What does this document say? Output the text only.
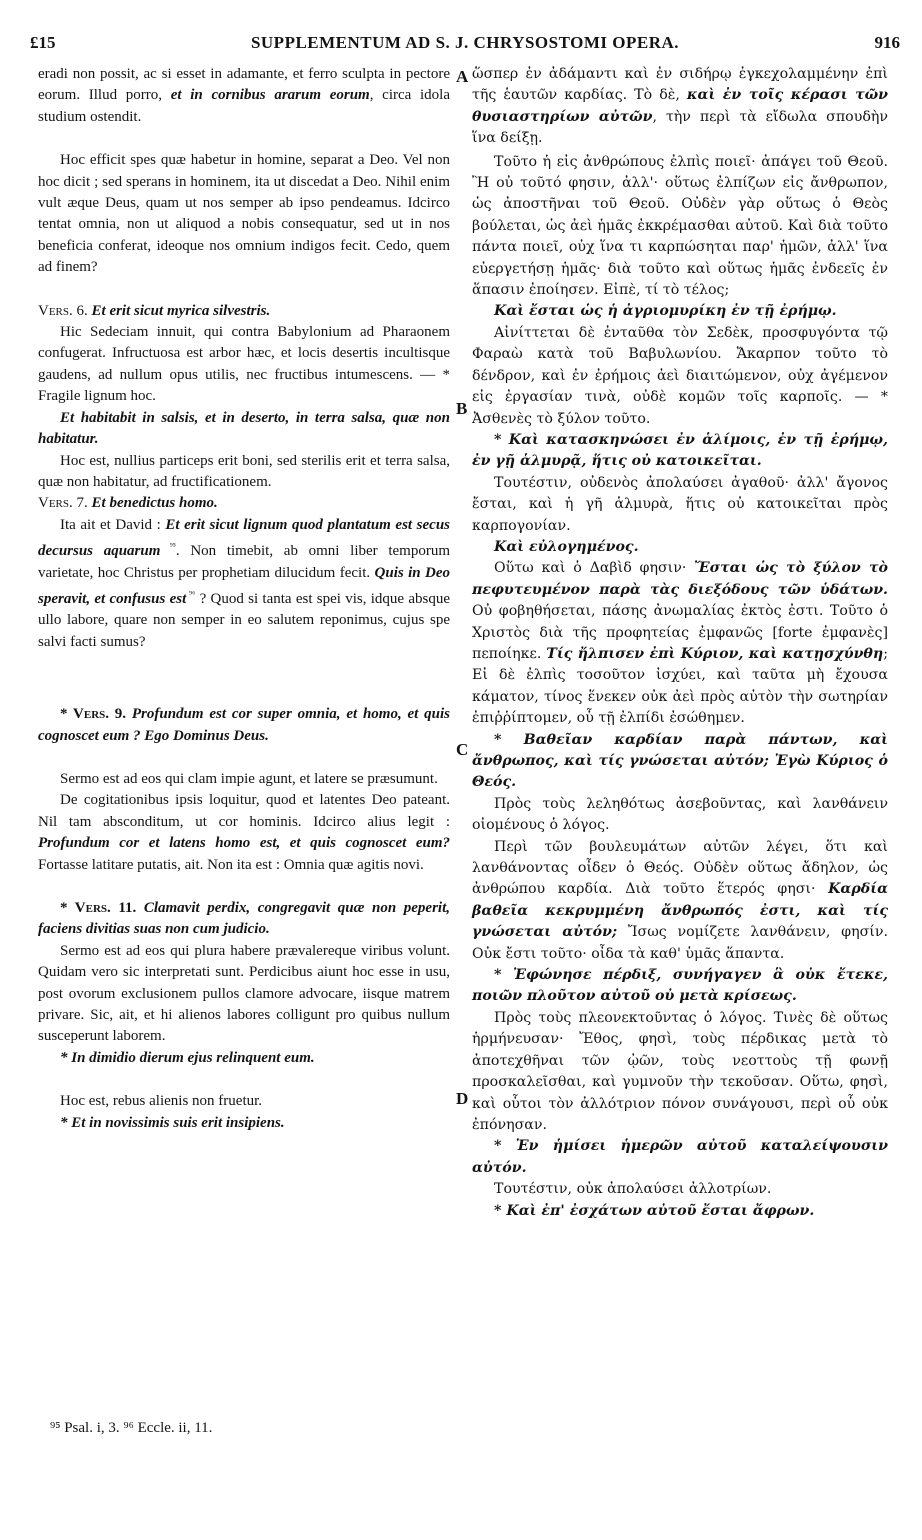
£15	SUPPLEMENTUM AD S. J. CHRYSOSTOMI OPERA.	916

eradi non possit, ac si esset in adamante, et ferro sculpta in pectore eorum. Illud porro, et in cornibus ararum eorum, circa idola studium ostendit.

Hoc efficit spes quæ habetur in homine, separat a Deo. Vel non hoc dicit ; sed sperans in hominem, ita ut discedat a Deo. Nihil enim vult æque Deus, quam ut nos semper ab ipso pendeamus. Idcirco tentat omnia, non ut aliquod a nobis consequatur, sed ut in nos beneficia conferat, ideoque nos omnium indigos fecit. Cedo, quem ad finem?

Vers. 6. Et erit sicut myrica silvestris.

Hic Sedeciam innuit, qui contra Babylonium ad Pharaonem confugerat. Infructuosa est arbor hæc, et locis desertis incultisque gaudens, ad nullum opus utilis, nec fructibus intumescens. — * Fragile lignum hoc.

Et habitabit in salsis, et in deserto, in terra salsa, quæ non habitatur.

Hoc est, nullius particeps erit boni, sed sterilis erit et terra salsa, quæ non habitatur, ad fructificationem.

Vers. 7. Et benedictus homo.

Ita ait et David : Et erit sicut lignum quod plantatum est secus decursus aquarum $^{^{95}}$. Non timebit, ab omni liber temporum varietate, hoc Christus per prophetiam dilucidum fecit. Quis in Deo speravit, et confusus est $^{^{96}}$ ? Quod si tanta est spei vis, idque absque ullo labore, quare non semper in eo salutem reponimus, cujus spe salvi facti sumus?

* Vers. 9. Profundum est cor super omnia, et homo, et quis cognoscet eum ? Ego Dominus Deus.

Sermo est ad eos qui clam impie agunt, et latere se præsumunt.

De cogitationibus ipsis loquitur, quod et latentes Deo pateant. Nil tam absconditum, ut cor hominis. Idcirco alius legit : Profundum cor et latens homo est, et quis cognoscet eum? Fortasse latitare putatis, ait. Non ita est : Omnia quæ agitis novi.

* Vers. 11. Clamavit perdix, congregavit quæ non peperit, faciens divitias suas non cum judicio.

Sermo est ad eos qui plura habere prævalereque viribus volunt. Quidam vero sic interpretati sunt. Perdicibus aiunt hoc esse in usu, post ovorum exclusionem pullos clamore advocare, iisque matrem privare. Sic, ait, et hi alienos labores colligunt pro quibus nullum susceperunt laborem.

* In dimidio dierum ejus relinquent eum.

Hoc est, rebus alienis non fruetur.

* Et in novissimis suis erit insipiens.

ὥσπερ ἐν ἀδάμαντι καὶ ἐν σιδήρῳ ἐγκεχολαμμένην ἐπὶ τῆς ἑαυτῶν καρδίας. Τὸ δὲ, καὶ ἐν τοῖς κέρασι τῶν θυσιαστηρίων αὐτῶν, τὴν περὶ τὰ εἴδωλα σπουδὴν ἵνα δείξῃ.

Τοῦτο ἡ εἰς ἀνθρώπους ἐλπὶς ποιεῖ· ἀπάγει τοῦ Θεοῦ. Ἢ οὐ τοῦτό φησιν, ἀλλ'· οὕτως ἐλπίζων εἰς ἄνθρωπον, ὡς ἀποστῆναι τοῦ Θεοῦ. Οὐδὲν γὰρ οὕτως ὁ Θεὸς βούλεται, ὡς ἀεὶ ἡμᾶς ἐκκρέμασθαι αὐτοῦ. Καὶ διὰ τοῦτο πάντα ποιεῖ, οὐχ ἵνα τι καρπώσηται παρ' ἡμῶν, ἀλλ' ἵνα εὐεργετήσῃ ἡμᾶς· διὰ τοῦτο καὶ οὕτως ἡμᾶς ἐνδεεῖς ἐν ἅπασιν ἐποίησεν. Εἰπὲ, τί τὸ τέλος;

Καὶ ἔσται ὡς ἡ ἀγριομυρίκη ἐν τῇ ἐρήμῳ.

Αἰνίττεται δὲ ἐνταῦθα τὸν Σεδὲκ, προσφυγόντα τῷ Φαραὼ κατὰ τοῦ Βαβυλωνίου. Ἄκαρπον τοῦτο τὸ δένδρον, καὶ ἐν ἐρήμοις ἀεὶ διαιτώμενον, οὐχ ἀγέμενον εἰς ἐργασίαν τινὰ, οὐδὲ κομῶν τοῖς καρποῖς. — * Ἀσθενὲς τὸ ξύλον τοῦτο.

* Καὶ κατασκηνώσει ἐν ἁλίμοις, ἐν τῇ ἐρήμῳ, ἐν γῇ ἁλμυρᾷ, ἥτις οὐ κατοικεῖται.

Τουτέστιν, οὐδενὸς ἀπολαύσει ἀγαθοῦ· ἀλλ' ἄγονος ἔσται, καὶ ἡ γῆ ἁλμυρὰ, ἥτις οὐ κατοικεῖται πρὸς καρπογονίαν.

Καὶ εὐλογημένος.

Οὕτω καὶ ὁ Δαβὶδ φησιν· Ἔσται ὡς τὸ ξύλον τὸ πεφυτευμένον παρὰ τὰς διεξόδους τῶν ὑδάτων. Οὐ φοβηθήσεται, πάσης ἀνωμαλίας ἐκτὸς ἐστι. Τοῦτο ὁ Χριστὸς διὰ τῆς προφητείας ἐμφανῶς [forte ἐμφανὲς] πεποίηκε. Τίς ἤλπισεν ἐπὶ Κύριον, καὶ κατῃσχύνθη; Εἰ δὲ ἐλπὶς τοσοῦτον ἰσχύει, καὶ ταῦτα μὴ ἔχουσα κάματον, τίνος ἕνεκεν οὐκ ἀεὶ πρὸς αὐτὸν τὴν σωτηρίαν ἐπιῤῥίπτομεν, οὗ τῇ ἐλπίδι ἐσώθημεν.

* Βαθεῖαν καρδίαν παρὰ πάντων, καὶ ἄνθρωπος, καὶ τίς γνώσεται αὐτόν; Ἐγὼ Κύριος ὁ Θεός.

Πρὸς τοὺς λεληθότως ἀσεβοῦντας, καὶ λανθάνειν οἰομένους ὁ λόγος.

Περὶ τῶν βουλευμάτων αὐτῶν λέγει, ὅτι καὶ λανθάνοντας οἶδεν ὁ Θεός. Οὐδὲν οὕτως ἄδηλον, ὡς ἀνθρώπου καρδία. Διὰ τοῦτο ἕτερός φησι· Καρδία βαθεῖα κεκρυμμένη ἄνθρωπός ἐστι, καὶ τίς γνώσεται αὐτόν; Ἴσως νομίζετε λανθάνειν, φησίν. Οὐκ ἔστι τοῦτο· οἶδα τὰ καθ' ὑμᾶς ἅπαντα.

* Ἐφώνησε πέρδιξ, συνήγαγεν ἃ οὐκ ἔτεκε, ποιῶν πλοῦτον αὐτοῦ οὐ μετὰ κρίσεως.

Πρὸς τοὺς πλεονεκτοῦντας ὁ λόγος. Τινὲς δὲ οὕτως ἡρμήνευσαν· Ἔθος, φησὶ, τοὺς πέρδικας μετὰ τὸ ἀποτεχθῆναι τῶν ᾠῶν, τοὺς νεοττοὺς τῇ φωνῇ προσκαλεῖσθαι, καὶ γυμνοῦν τὴν τεκοῦσαν. Οὕτω, φησὶ, καὶ οὗτοι τὸν ἀλλότριον πόνον συνάγουσι, περὶ οὗ οὐκ ἐπόνησαν.

* Ἐν ἡμίσει ἡμερῶν αὐτοῦ καταλείψουσιν αὐτόν.

Τουτέστιν, οὐκ ἀπολαύσει ἀλλοτρίων.

* Καὶ ἐπ' ἐσχάτων αὐτοῦ ἔσται ἄφρων.

A
B
C
D
⁹⁵ Psal. i, 3. ⁹⁶ Eccle. ii, 11.
